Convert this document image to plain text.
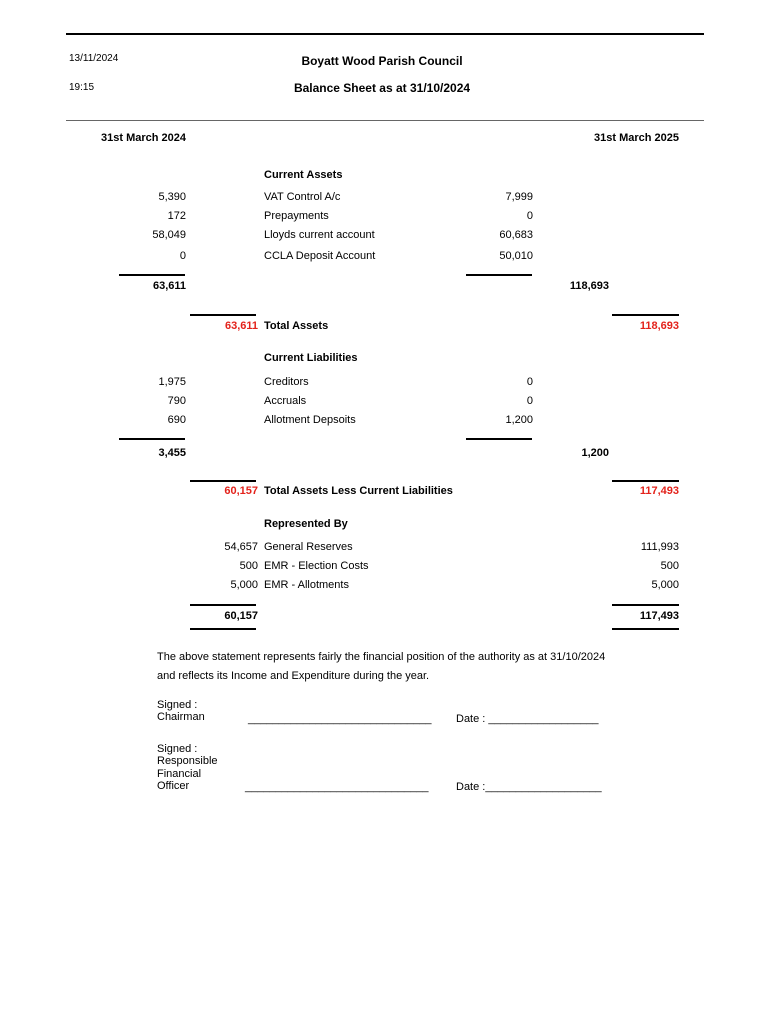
13/11/2024
19:15
Boyatt Wood Parish Council
Balance Sheet as at 31/10/2024
31st March 2024	31st March 2025
Current Assets
5,390	VAT Control A/c	7,999
172	Prepayments	0
58,049	Lloyds current account	60,683
0	CCLA Deposit Account	50,010
63,611	118,693
63,611 Total Assets	118,693
Current Liabilities
1,975	Creditors	0
790	Accruals	0
690	Allotment Depsoits	1,200
3,455	1,200
60,157 Total Assets Less Current Liabilities	117,493
Represented By
54,657 General Reserves	111,993
500 EMR - Election Costs	500
5,000 EMR - Allotments	5,000
60,157	117,493
The above statement represents fairly the financial position of the authority as at 31/10/2024
and reflects its Income and Expenditure during the year.
Signed :
Chairman	______________________________ Date : __________________
Signed :
Responsible
Financial
Officer	______________________________ Date :___________________
